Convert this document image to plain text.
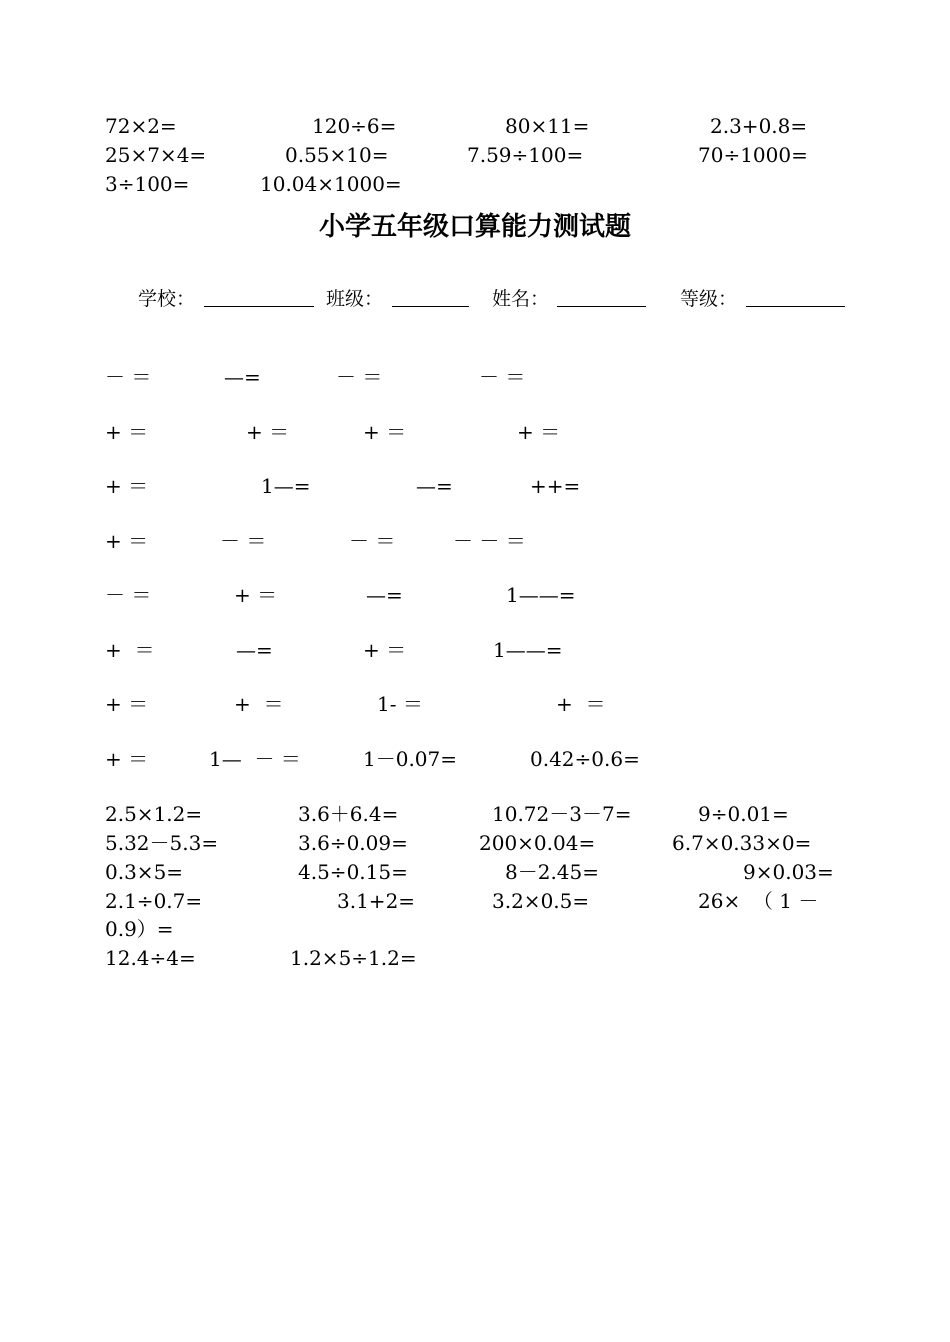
72×2=	120÷6=	80×11=	2.3+0.8=
25×7×4=	0.55×10=	7.59÷100=	70÷1000=
3÷100=	10.04×1000=
小学五年级口算能力测试题
学校：	班级：	姓名：	等级：
－ ＝	—=	－ ＝	－ ＝
+ ＝	+ ＝	+ ＝	+ ＝
+ ＝	1—=	—=	++=
+ ＝	－ ＝	－ ＝	－ － ＝
－ ＝	+ ＝	—=	1——=
+  ＝	—=	+ ＝	1——=
+ ＝	+  ＝	1- ＝	+  ＝
+ ＝	1—  － ＝	1－0.07=	0.42÷0.6=
2.5×1.2=	3.6＋6.4=	10.72－3－7=	9÷0.01=
5.32－5.3=	3.6÷0.09=	200×0.04=	6.7×0.33×0=
0.3×5=	4.5÷0.15=	8－2.45=	9×0.03=
2.1÷0.7=	3.1+2=	3.2×0.5=	26×  （ 1 －
0.9）=
12.4÷4=	1.2×5÷1.2=
